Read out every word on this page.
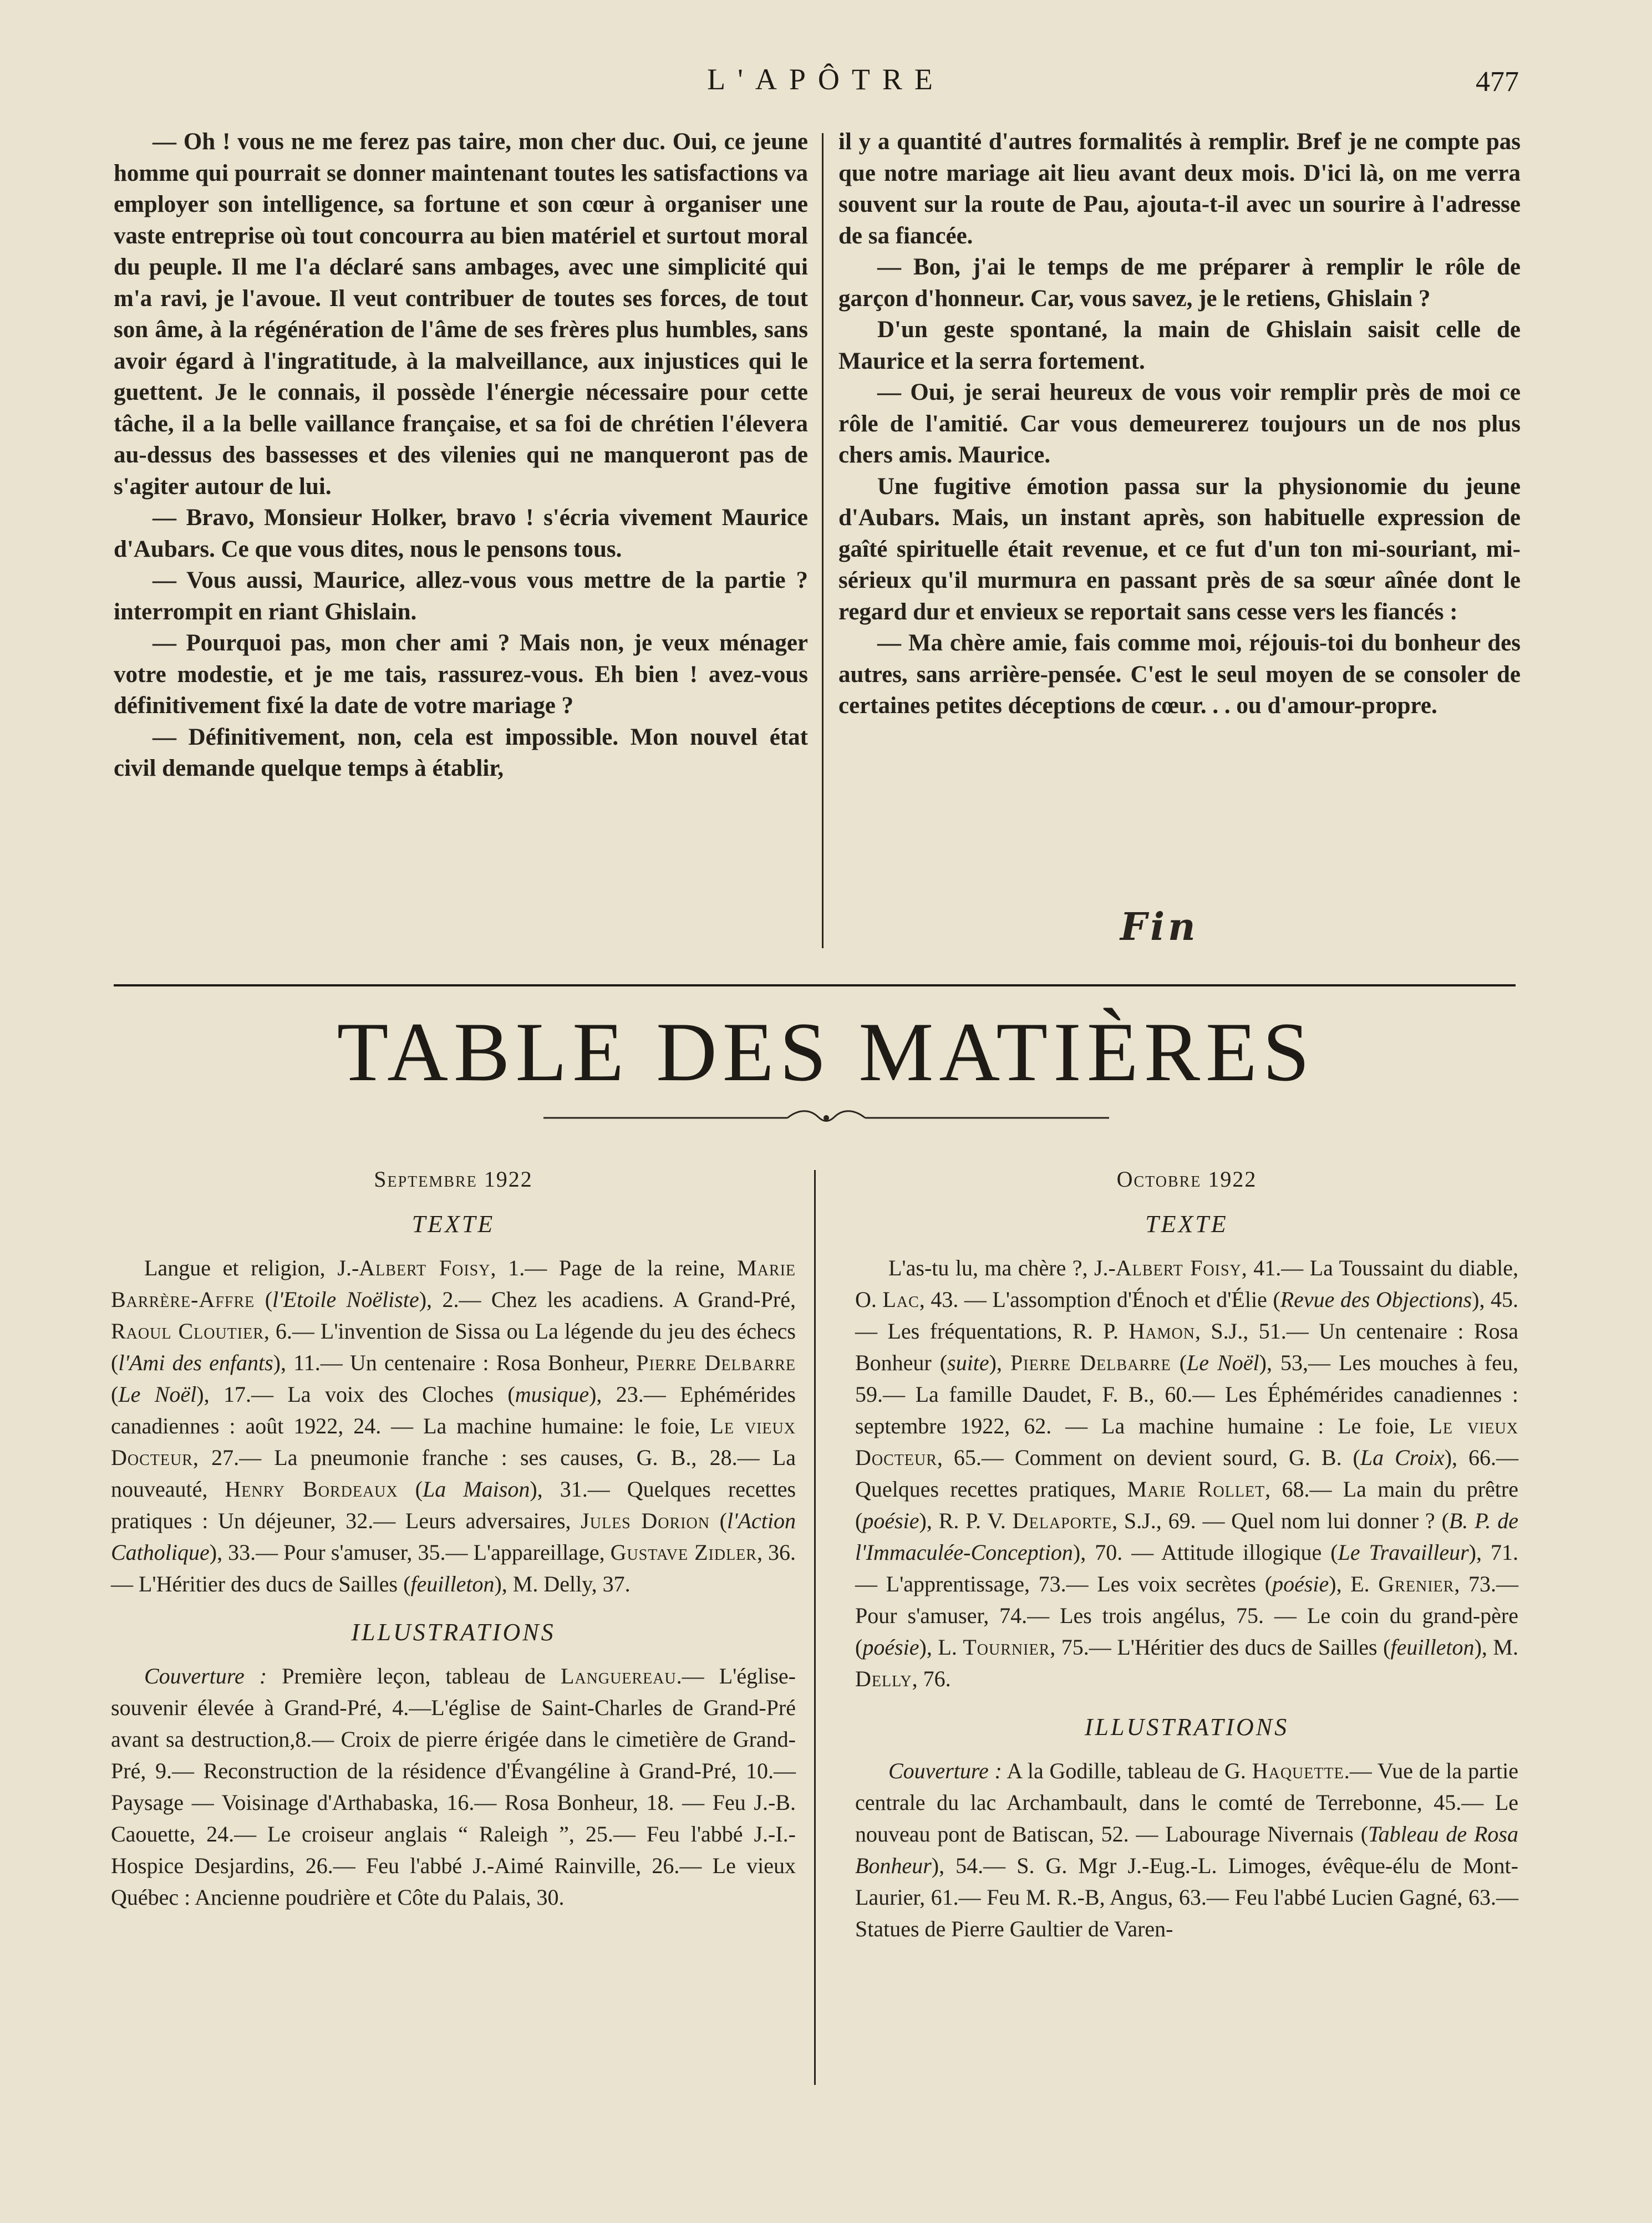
L'APÔTRE	477

— Oh ! vous ne me ferez pas taire, mon cher duc. Oui, ce jeune homme qui pourrait se donner maintenant toutes les satisfactions va employer son intelligence, sa fortune et son cœur à organiser une vaste entreprise où tout concourra au bien matériel et surtout moral du peuple. Il me l'a déclaré sans ambages, avec une simplicité qui m'a ravi, je l'avoue. Il veut contribuer de toutes ses forces, de tout son âme, à la régénération de l'âme de ses frères plus humbles, sans avoir égard à l'ingratitude, à la malveillance, aux injustices qui le guettent. Je le connais, il possède l'énergie nécessaire pour cette tâche, il a la belle vaillance française, et sa foi de chrétien l'élevera au-dessus des bassesses et des vilenies qui ne manqueront pas de s'agiter autour de lui.

— Bravo, Monsieur Holker, bravo ! s'écria vivement Maurice d'Aubars. Ce que vous dites, nous le pensons tous.

— Vous aussi, Maurice, allez-vous vous mettre de la partie ? interrompit en riant Ghislain.

— Pourquoi pas, mon cher ami ? Mais non, je veux ménager votre modestie, et je me tais, rassurez-vous. Eh bien ! avez-vous définitivement fixé la date de votre mariage ?

— Définitivement, non, cela est impossible. Mon nouvel état civil demande quelque temps à établir,

il y a quantité d'autres formalités à remplir. Bref je ne compte pas que notre mariage ait lieu avant deux mois. D'ici là, on me verra souvent sur la route de Pau, ajouta-t-il avec un sourire à l'adresse de sa fiancée.

— Bon, j'ai le temps de me préparer à remplir le rôle de garçon d'honneur. Car, vous savez, je le retiens, Ghislain ?

D'un geste spontané, la main de Ghislain saisit celle de Maurice et la serra fortement.

— Oui, je serai heureux de vous voir remplir près de moi ce rôle de l'amitié. Car vous demeurerez toujours un de nos plus chers amis. Maurice.

Une fugitive émotion passa sur la physionomie du jeune d'Aubars. Mais, un instant après, son habituelle expression de gaîté spirituelle était revenue, et ce fut d'un ton mi-souriant, mi-sérieux qu'il murmura en passant près de sa sœur aînée dont le regard dur et envieux se reportait sans cesse vers les fiancés :

— Ma chère amie, fais comme moi, réjouis-toi du bonheur des autres, sans arrière-pensée. C'est le seul moyen de se consoler de certaines petites déceptions de cœur. . . ou d'amour-propre.

Fin
TABLE DES MATIÈRES
Septembre 1922
TEXTE

Langue et religion, J.-Albert Foisy, 1.— Page de la reine, Marie Barrère-Affre (l'Etoile Noëliste), 2.— Chez les acadiens. A Grand-Pré, Raoul Cloutier, 6.— L'invention de Sissa ou La légende du jeu des échecs (l'Ami des enfants), 11.— Un centenaire : Rosa Bonheur, Pierre Delbarre (Le Noël), 17.— La voix des Cloches (musique), 23.— Ephémérides canadiennes : août 1922, 24. — La machine humaine: le foie, Le vieux Docteur, 27.— La pneumonie franche : ses causes, G. B., 28.— La nouveauté, Henry Bordeaux (La Maison), 31.— Quelques recettes pratiques : Un déjeuner, 32.— Leurs adversaires, Jules Dorion (l'Action Catholique), 33.— Pour s'amuser, 35.— L'appareillage, Gustave Zidler, 36.— L'Héritier des ducs de Sailles (feuilleton), M. Delly, 37.

ILLUSTRATIONS

Couverture : Première leçon, tableau de Languereau.— L'église-souvenir élevée à Grand-Pré, 4.—L'église de Saint-Charles de Grand-Pré avant sa destruction,8.— Croix de pierre érigée dans le cimetière de Grand-Pré, 9.— Reconstruction de la résidence d'Évangéline à Grand-Pré, 10.— Paysage — Voisinage d'Arthabaska, 16.— Rosa Bonheur, 18. — Feu J.-B. Caouette, 24.— Le croiseur anglais “ Raleigh ”, 25.— Feu l'abbé J.-I.-Hospice Desjardins, 26.— Feu l'abbé J.-Aimé Rainville, 26.— Le vieux Québec : Ancienne poudrière et Côte du Palais, 30.

Octobre 1922
TEXTE

L'as-tu lu, ma chère ?, J.-Albert Foisy, 41.— La Toussaint du diable, O. Lac, 43. — L'assomption d'Énoch et d'Élie (Revue des Objections), 45. — Les fréquentations, R. P. Hamon, S.J., 51.— Un centenaire : Rosa Bonheur (suite), Pierre Delbarre (Le Noël), 53,— Les mouches à feu, 59.— La famille Daudet, F. B., 60.— Les Éphémérides canadiennes : septembre 1922, 62. — La machine humaine : Le foie, Le vieux Docteur, 65.— Comment on devient sourd, G. B. (La Croix), 66.— Quelques recettes pratiques, Marie Rollet, 68.— La main du prêtre (poésie), R. P. V. Delaporte, S.J., 69. — Quel nom lui donner ? (B. P. de l'Immaculée-Conception), 70. — Attitude illogique (Le Travailleur), 71. — L'apprentissage, 73.— Les voix secrètes (poésie), E. Grenier, 73.— Pour s'amuser, 74.— Les trois angélus, 75. — Le coin du grand-père (poésie), L. Tournier, 75.— L'Héritier des ducs de Sailles (feuilleton), M. Delly, 76.

ILLUSTRATIONS

Couverture : A la Godille, tableau de G. Haquette.— Vue de la partie centrale du lac Archambault, dans le comté de Terrebonne, 45.— Le nouveau pont de Batiscan, 52. — Labourage Nivernais (Tableau de Rosa Bonheur), 54.— S. G. Mgr J.-Eug.-L. Limoges, évêque-élu de Mont-Laurier, 61.— Feu M. R.-B, Angus, 63.— Feu l'abbé Lucien Gagné, 63.— Statues de Pierre Gaultier de Varen-
